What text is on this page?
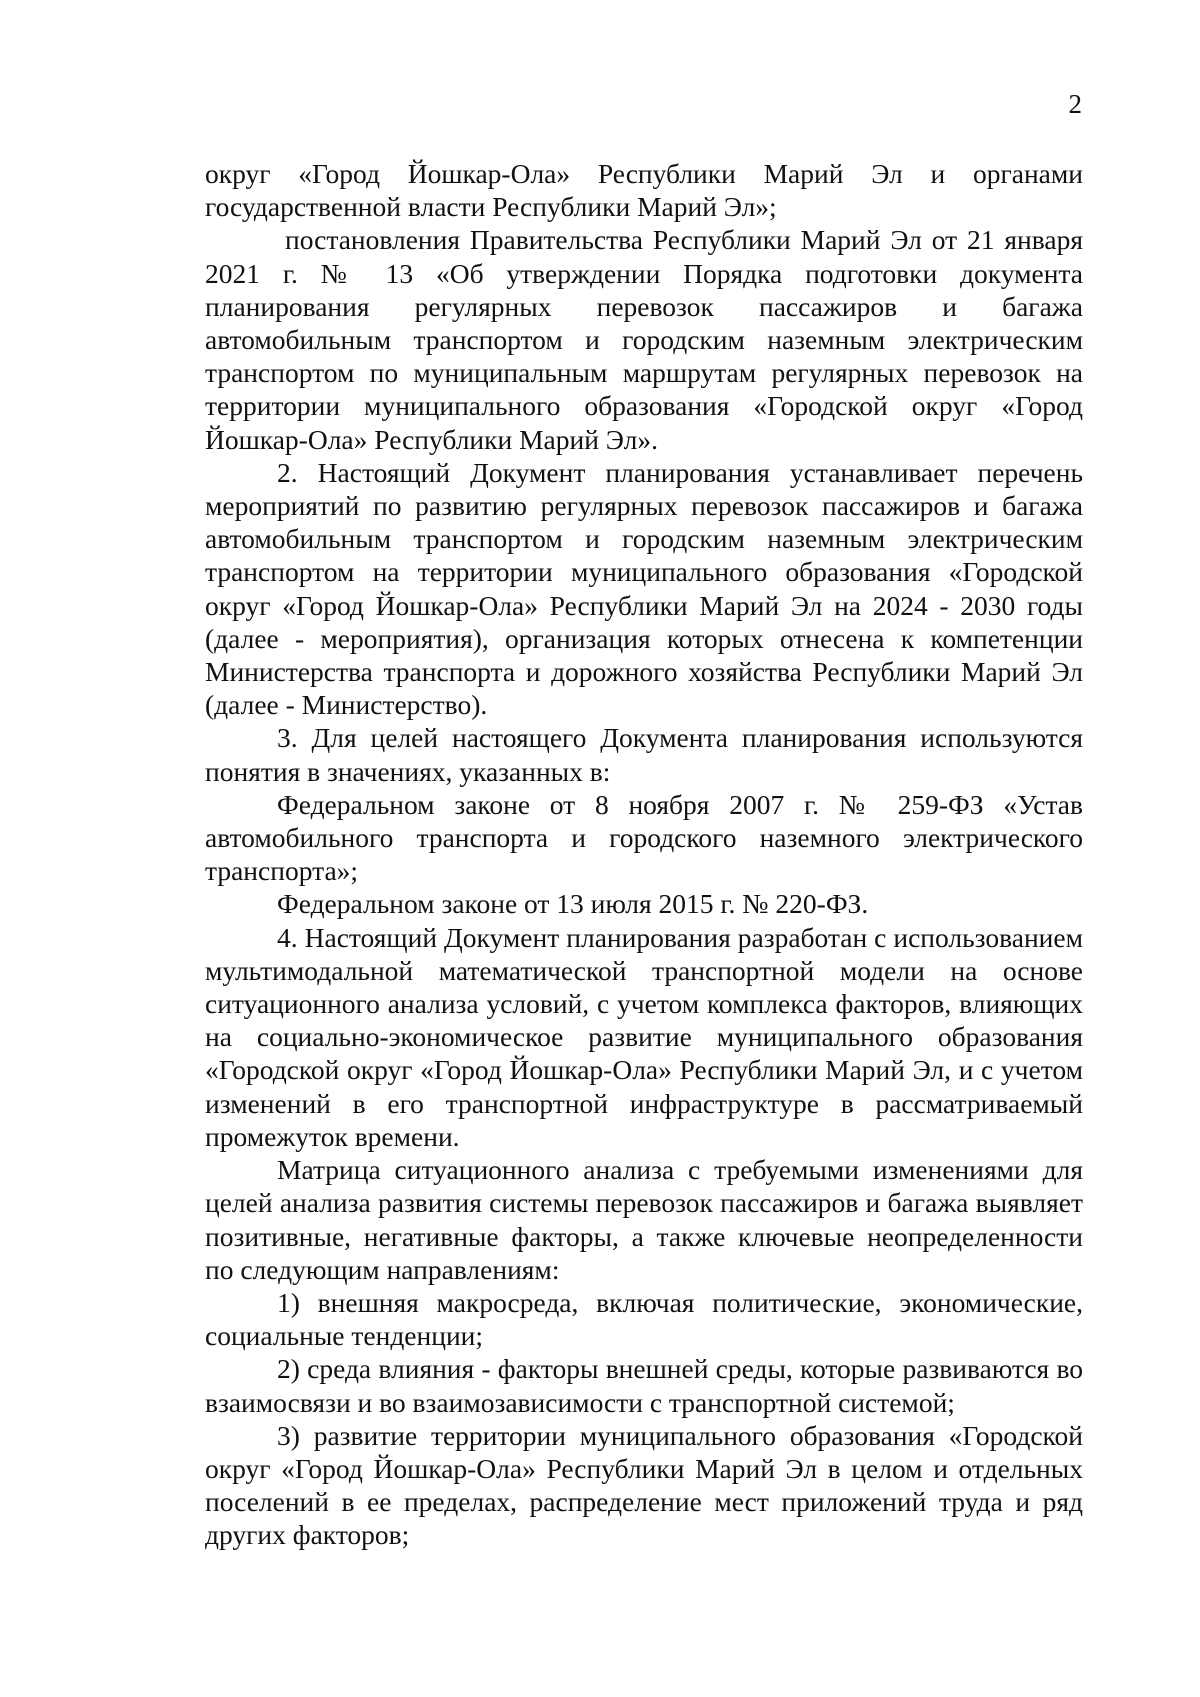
2

округ «Город Йошкар-Ола» Республики Марий Эл и органами государственной власти Республики Марий Эл»;

постановления Правительства Республики Марий Эл от 21 января 2021 г. № 13 «Об утверждении Порядка подготовки документа планирования регулярных перевозок пассажиров и багажа автомобильным транспортом и городским наземным электрическим транспортом по муниципальным маршрутам регулярных перевозок на территории муниципального образования «Городской округ «Город Йошкар-Ола» Республики Марий Эл».

2. Настоящий Документ планирования устанавливает перечень мероприятий по развитию регулярных перевозок пассажиров и багажа автомобильным транспортом и городским наземным электрическим транспортом на территории муниципального образования «Городской округ «Город Йошкар-Ола» Республики Марий Эл на 2024 - 2030 годы (далее - мероприятия), организация которых отнесена к компетенции Министерства транспорта и дорожного хозяйства Республики Марий Эл (далее - Министерство).

3. Для целей настоящего Документа планирования используются понятия в значениях, указанных в:

Федеральном законе от 8 ноября 2007 г. № 259-ФЗ «Устав автомобильного транспорта и городского наземного электрического транспорта»;

Федеральном законе от 13 июля 2015 г. № 220-ФЗ.

4. Настоящий Документ планирования разработан с использованием мультимодальной математической транспортной модели на основе ситуационного анализа условий, с учетом комплекса факторов, влияющих на социально-экономическое развитие муниципального образования «Городской округ «Город Йошкар-Ола» Республики Марий Эл, и с учетом изменений в его транспортной инфраструктуре в рассматриваемый промежуток времени.

Матрица ситуационного анализа с требуемыми изменениями для целей анализа развития системы перевозок пассажиров и багажа выявляет позитивные, негативные факторы, а также ключевые неопределенности по следующим направлениям:

1) внешняя макросреда, включая политические, экономические, социальные тенденции;

2) среда влияния - факторы внешней среды, которые развиваются во взаимосвязи и во взаимозависимости с транспортной системой;

3) развитие территории муниципального образования «Городской округ «Город Йошкар-Ола» Республики Марий Эл в целом и отдельных поселений в ее пределах, распределение мест приложений труда и ряд других факторов;
